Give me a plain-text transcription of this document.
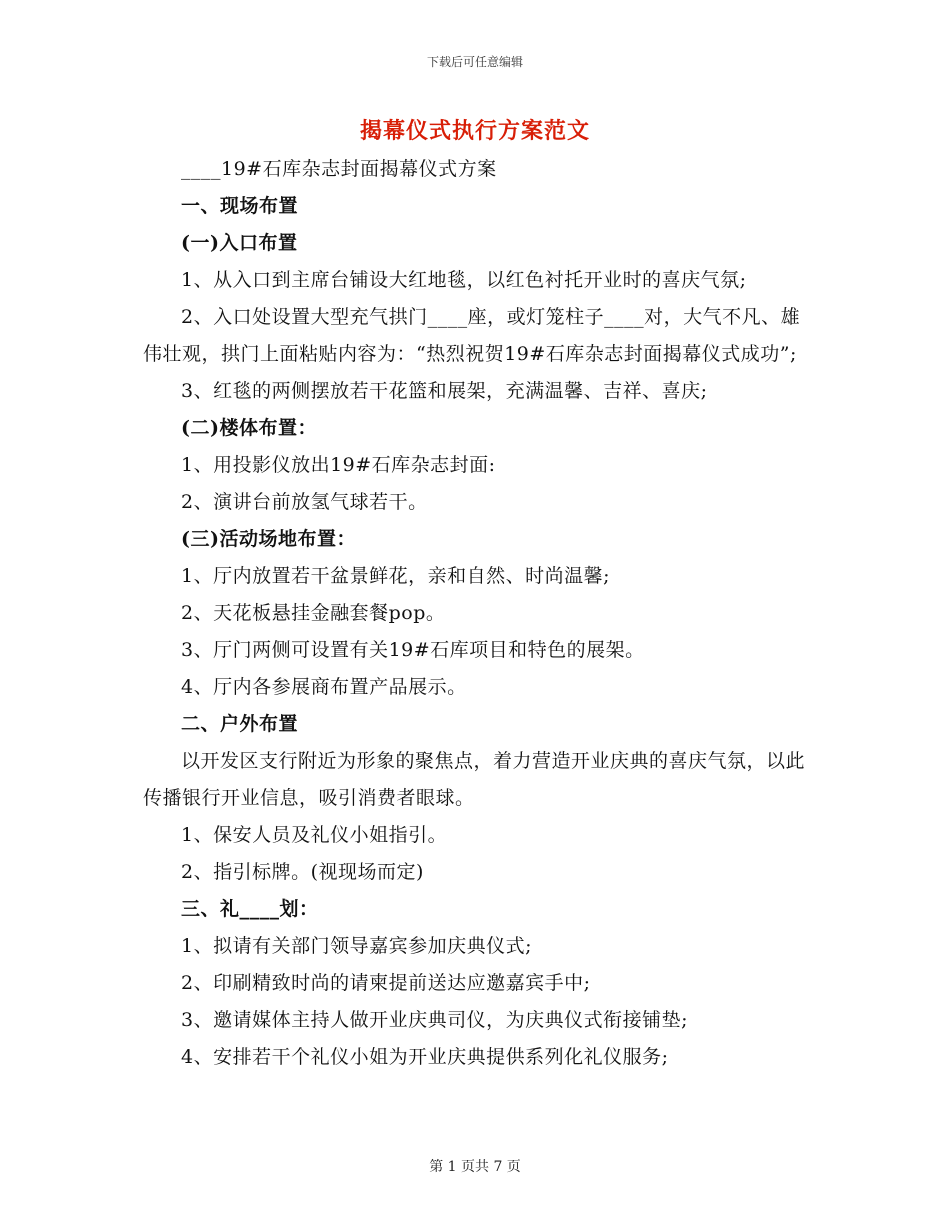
下载后可任意编辑
揭幕仪式执行方案范文

____19#石库杂志封面揭幕仪式方案

一、现场布置

(一)入口布置

1、从入口到主席台铺设大红地毯，以红色衬托开业时的喜庆气氛;

2、入口处设置大型充气拱门____座，或灯笼柱子____对，大气不凡、雄伟壮观，拱门上面粘贴内容为：“热烈祝贺19#石库杂志封面揭幕仪式成功”;

3、红毯的两侧摆放若干花篮和展架，充满温馨、吉祥、喜庆;

(二)楼体布置：

1、用投影仪放出19#石库杂志封面:

2、演讲台前放氢气球若干。

(三)活动场地布置：

1、厅内放置若干盆景鲜花，亲和自然、时尚温馨;

2、天花板悬挂金融套餐pop。

3、厅门两侧可设置有关19#石库项目和特色的展架。

4、厅内各参展商布置产品展示。

二、户外布置

以开发区支行附近为形象的聚焦点，着力营造开业庆典的喜庆气氛，以此传播银行开业信息，吸引消费者眼球。

1、保安人员及礼仪小姐指引。

2、指引标牌。(视现场而定)

三、礼____划：

1、拟请有关部门领导嘉宾参加庆典仪式;

2、印刷精致时尚的请柬提前送达应邀嘉宾手中;

3、邀请媒体主持人做开业庆典司仪，为庆典仪式衔接铺垫;

4、安排若干个礼仪小姐为开业庆典提供系列化礼仪服务;

第 1 页共 7 页
